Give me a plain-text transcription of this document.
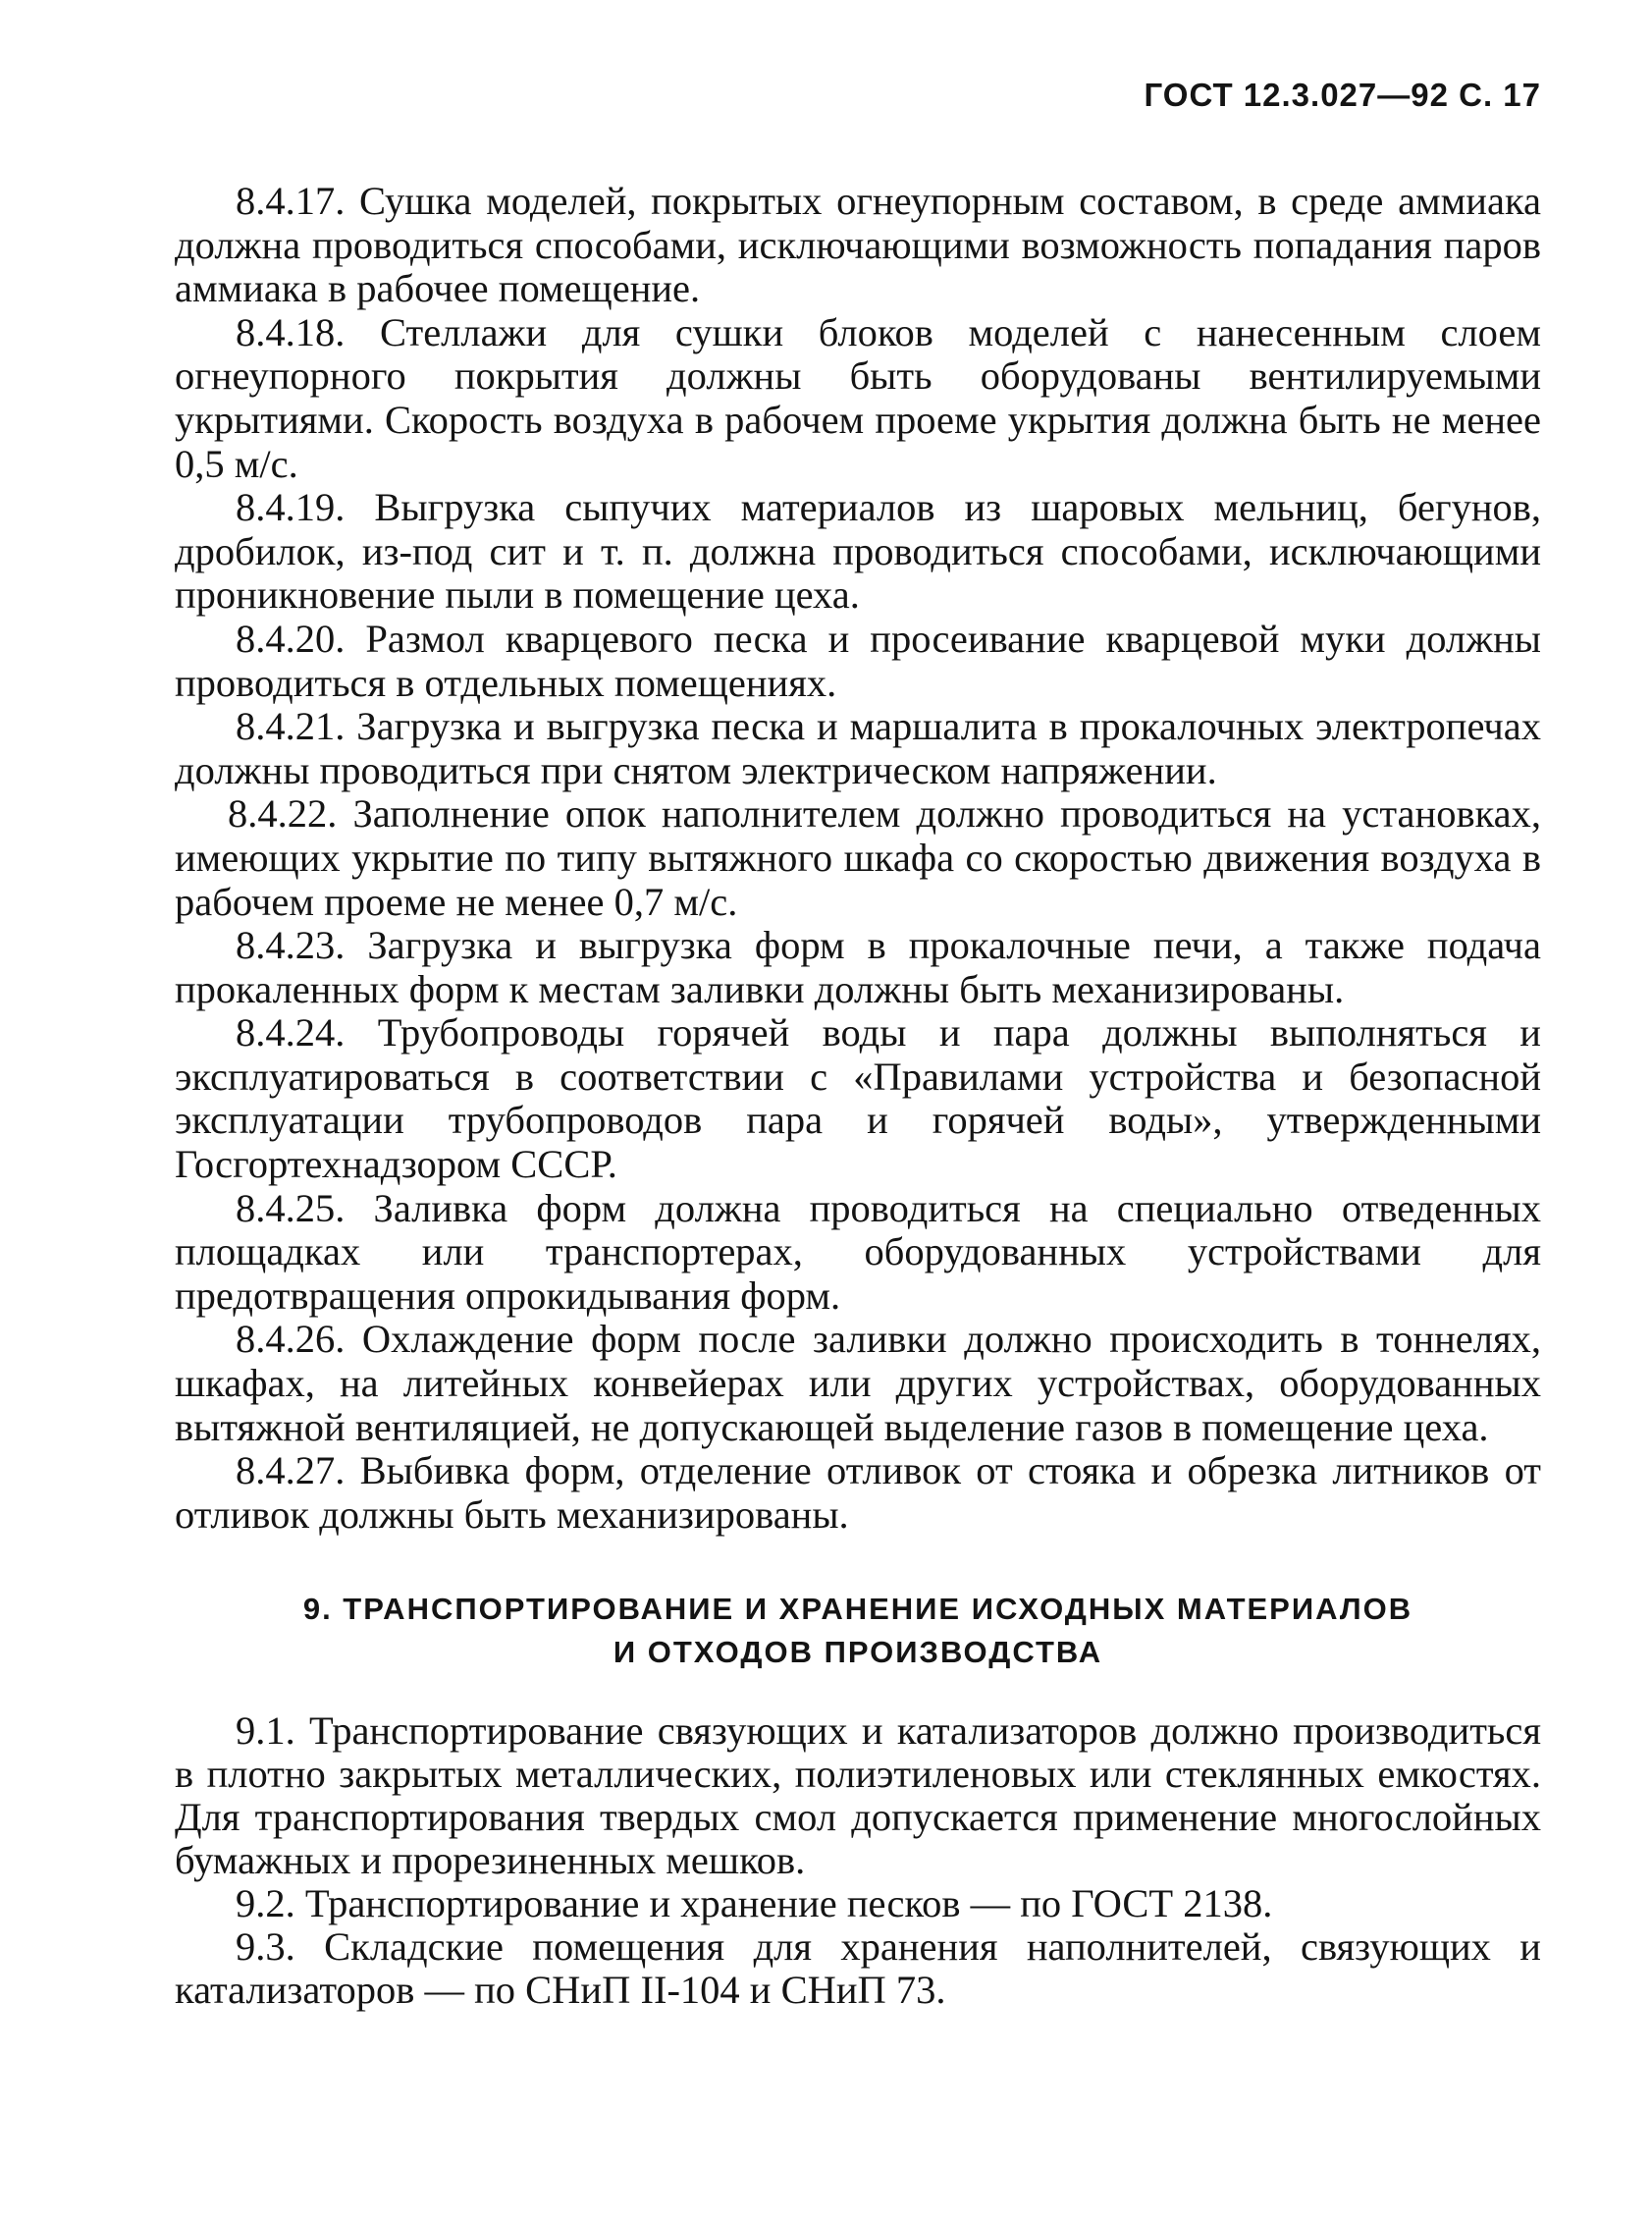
ГОСТ 12.3.027—92 С. 17

8.4.17. Сушка моделей, покрытых огнеупорным составом, в среде аммиака должна проводиться способами, исключающими возможность попадания паров аммиака в рабочее помещение.

8.4.18. Стеллажи для сушки блоков моделей с нанесенным слоем огнеупорного покрытия должны быть оборудованы вентилируемыми укрытиями. Скорость воздуха в рабочем проеме укрытия должна быть не менее 0,5 м/с.

8.4.19. Выгрузка сыпучих материалов из шаровых мельниц, бегунов, дробилок, из-под сит и т. п. должна проводиться способами, исключающими проникновение пыли в помещение цеха.

8.4.20. Размол кварцевого песка и просеивание кварцевой муки должны проводиться в отдельных помещениях.

8.4.21. Загрузка и выгрузка песка и маршалита в прокалочных электропечах должны проводиться при снятом электрическом напряжении.

8.4.22. Заполнение опок наполнителем должно проводиться на установках, имеющих укрытие по типу вытяжного шкафа со скоростью движения воздуха в рабочем проеме не менее 0,7 м/с.

8.4.23. Загрузка и выгрузка форм в прокалочные печи, а также подача прокаленных форм к местам заливки должны быть механизированы.

8.4.24. Трубопроводы горячей воды и пара должны выполняться и эксплуатироваться в соответствии с «Правилами устройства и безопасной эксплуатации трубопроводов пара и горячей воды», утвержденными Госгортехнадзором СССР.

8.4.25. Заливка форм должна проводиться на специально отведенных площадках или транспортерах, оборудованных устройствами для предотвращения опрокидывания форм.

8.4.26. Охлаждение форм после заливки должно происходить в тоннелях, шкафах, на литейных конвейерах или других устройствах, оборудованных вытяжной вентиляцией, не допускающей выделение газов в помещение цеха.

8.4.27. Выбивка форм, отделение отливок от стояка и обрезка литников от отливок должны быть механизированы.

9. ТРАНСПОРТИРОВАНИЕ И ХРАНЕНИЕ ИСХОДНЫХ МАТЕРИАЛОВ
И ОТХОДОВ ПРОИЗВОДСТВА

9.1. Транспортирование связующих и катализаторов должно производиться в плотно закрытых металлических, полиэтиленовых или стеклянных емкостях. Для транспортирования твердых смол допускается применение многослойных бумажных и прорезиненных мешков.

9.2. Транспортирование и хранение песков — по ГОСТ 2138.

9.3. Складские помещения для хранения наполнителей, связующих и катализаторов — по СНиП II-104 и СНиП 73.
